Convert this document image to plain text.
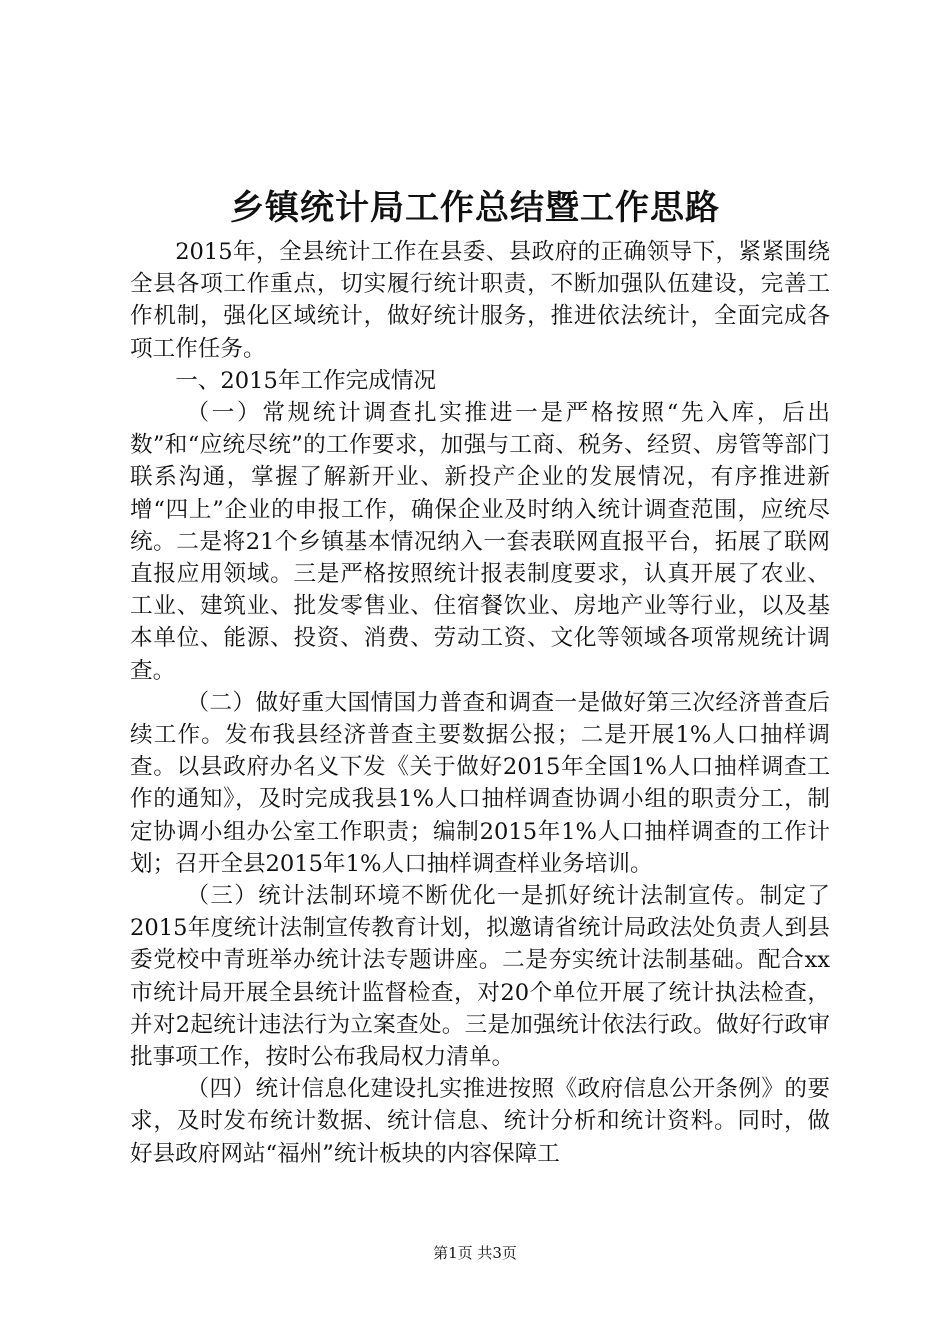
乡镇统计局工作总结暨工作思路

2015年，全县统计工作在县委、县政府的正确领导下，紧紧围绕全县各项工作重点，切实履行统计职责，不断加强队伍建设，完善工作机制，强化区域统计，做好统计服务，推进依法统计，全面完成各项工作任务。

一、2015年工作完成情况

（一）常规统计调查扎实推进一是严格按照“先入库，后出数”和“应统尽统”的工作要求，加强与工商、税务、经贸、房管等部门联系沟通，掌握了解新开业、新投产企业的发展情况，有序推进新增“四上”企业的申报工作，确保企业及时纳入统计调查范围，应统尽统。二是将21个乡镇基本情况纳入一套表联网直报平台，拓展了联网直报应用领域。三是严格按照统计报表制度要求，认真开展了农业、工业、建筑业、批发零售业、住宿餐饮业、房地产业等行业，以及基本单位、能源、投资、消费、劳动工资、文化等领域各项常规统计调查。

（二）做好重大国情国力普查和调查一是做好第三次经济普查后续工作。发布我县经济普查主要数据公报；二是开展1%人口抽样调查。以县政府办名义下发《关于做好2015年全国1%人口抽样调查工作的通知》，及时完成我县1%人口抽样调查协调小组的职责分工，制定协调小组办公室工作职责；编制2015年1%人口抽样调查的工作计划；召开全县2015年1%人口抽样调查样业务培训。

（三）统计法制环境不断优化一是抓好统计法制宣传。制定了2015年度统计法制宣传教育计划，拟邀请省统计局政法处负责人到县委党校中青班举办统计法专题讲座。二是夯实统计法制基础。配合xx市统计局开展全县统计监督检查，对20个单位开展了统计执法检查，并对2起统计违法行为立案查处。三是加强统计依法行政。做好行政审批事项工作，按时公布我局权力清单。

（四）统计信息化建设扎实推进按照《政府信息公开条例》的要求，及时发布统计数据、统计信息、统计分析和统计资料。同时，做好县政府网站“福州”统计板块的内容保障工

第1页 共3页
